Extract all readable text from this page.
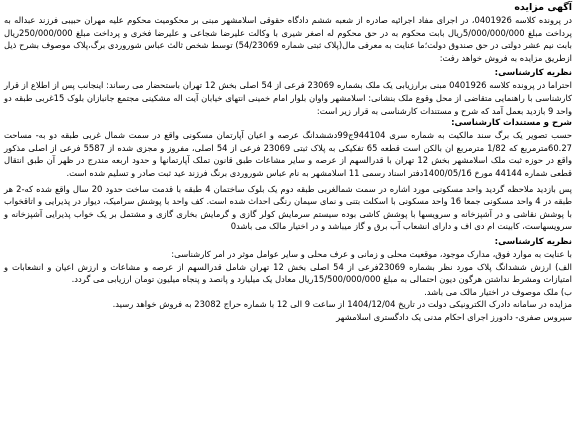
آگهی مزایده

در پرونده کلاسه 0401926، در اجرای مفاد اجرائیه صادره از شعبه ششم دادگاه حقوقی اسلامشهر مبنی بر محکومیت محکوم علیه مهران حبیبی فرزند عبداله به پرداخت مبلغ 5/000/000/000ریال بابت محکوم به در حق محکوم له اصغر شیری با وکالت علیرضا شجاعی و علیرضا فخری و پرداخت مبلغ 250/000/000ریال بابت نیم عشر دولتی در حق صندوق دولت؛ما عنایت به معرفی مال(پلاک ثبتی شماره 54/23069) توسط شخص ثالث عباس شوروردی برگ،پلاک موصوف بشرح ذیل ازطریق مزایده به فروش خواهد رفت:

نظریه کارشناسی:

احتراما در پرونده کلاسه 0401926 مبنی برارزیابی یک ملک بشماره 23069 فرعی از 54 اصلی بخش 12 تهران باستحضار می رساند: اینجانب پس از اطلاع از قرار کارشناسی با راهنمایی متقاضی از محل وقوع ملک بنشانی: اسلامشهر واوان بلوار امام خمینی انتهای خیابان آیت اله مشکینی مجتمع جانبازان بلوک 15غربی طبقه دو واحد 9 بازدید بعمل آمد که شرح و مستندات کارشناسی به قرار زیر است:

شرح و مستندات کارشناسی:

حسب تصویر یک برگ سند مالکیت به شماره سری 944104ج99دششدانگ عرصه و اعیان آپارتمان مسکونی واقع در سمت شمال غربی طبقه دو به- مساحت 60.27مترمربع که 1/82 مترمربع ان بالکن است قطعه 65 تفکیکی به پلاک ثبتی 23069 فرعی از 54 اصلی، مفروز و مجزی شده از 5587 فرعی از اصلی مذکور واقع در حوزه ثبت ملک اسلامشهر بخش 12 تهران با قدرالسهم از عرصه و سایر مشاعات طبق قانون تملک آپارتمانها و حدود اربعه مندرج در ظهر آن طبق انتقال قطعی شماره 44144 مورخ 1400/05/16دفتر اسناد رسمی 11 اسلامشهر به نام عباس شوروردی برنگ فرزند عید ثبت صادر و تسلیم شده است.

پس بازدید ملاحظه گردید واحد مسکونی مورد اشاره در سمت شمالغربی طبقه دوم یک بلوک ساختمان 4 طبقه با قدمت ساخت حدود 20 سال واقع شده که-2 هر طبقه در 4 واحد مسکونی جمعا 16 واحد مسکونی با اسکلت بتنی و نمای سیمان رنگی احداث شده است. کف واحد با پوشش سرامیک، دیوار در پذیرایی و اتاقخواب با پوشش نقاشی و در آشپزخانه و سرویسها با پوشش کاشی بوده سیستم سرمایش کولر گازی و گرمایش بخاری گازی و مشتمل بر یک خواب پذیرایی آشپزخانه و سرویسهاست، کابینت ام دی اف و دارای انشعاب آب برق و گاز میباشد و در اختیار مالک می باشد0

نظریه کارشناسی:

با عنایت به موارد فوق، مدارک موجود، موقعیت محلی و زمانی و عرف محلی و سایر عوامل موثر در امر کارشناسی:

الف) ارزش ششدانگ پلاک مورد نظر بشماره 23069فرعی از 54 اصلی بخش 12 تهران شامل قدرالسهم از عرصه و مشاعات و ارزش اعیان و انشعابات و امتیازات ومشرط نداشتن هرگون دیون احتمالی به مبلغ 15/500/000/000ریال معادل یک میلیارد و پانصد و پنجاه میلیون تومان ارزیابی می گردد.

ب) ملک موصوف در اختیار مالک می باشد.

مزایده در سامانه دادرک الکترونیکی دولت در تاریخ 1404/12/04 از ساعت 9 الی 12 با شماره حراج 23082 به فروش خواهد رسید.

سیروس صفری- دادورز اجرای احکام مدنی یک دادگستری اسلامشهر
